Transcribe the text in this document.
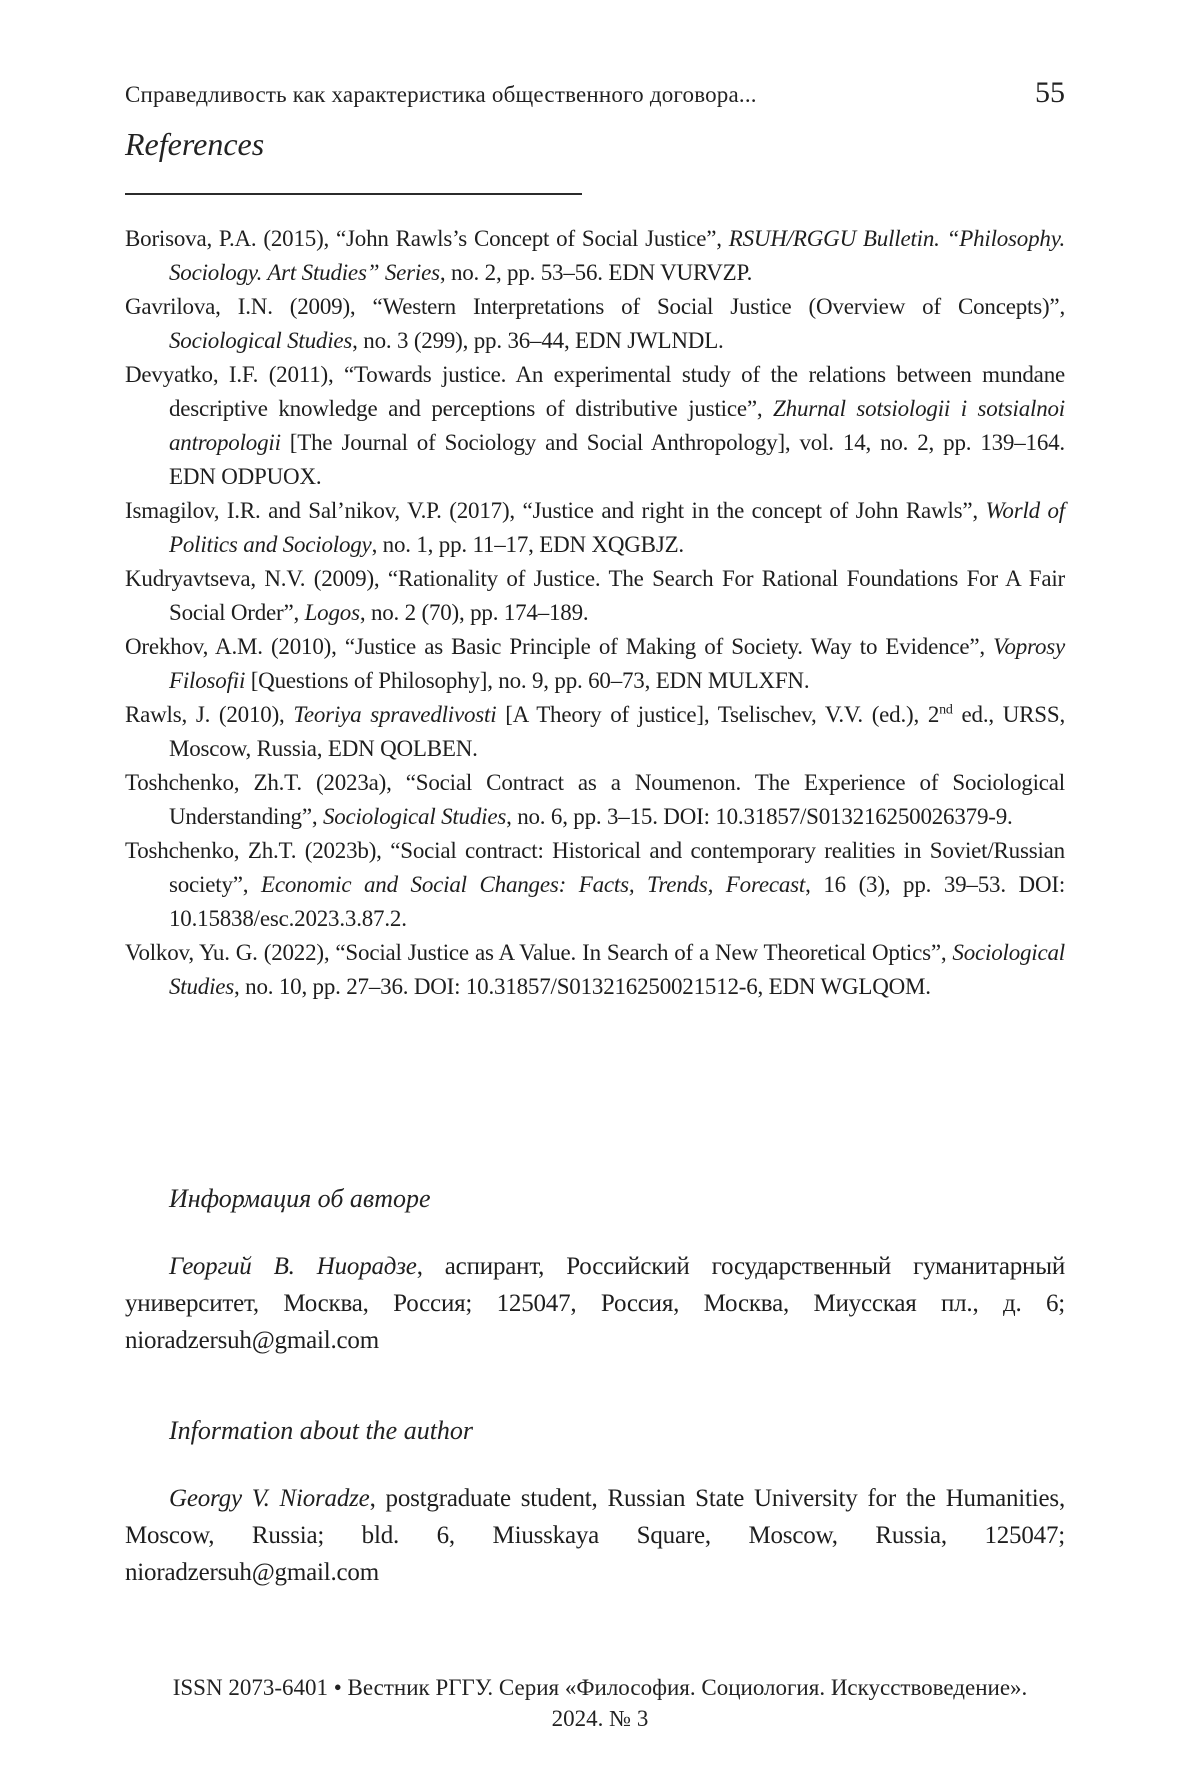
Справедливость как характеристика общественного договора...	55
References

Borisova, P.A. (2015), “John Rawls’s Concept of Social Justice”, RSUH/RGGU Bulletin. “Philosophy. Sociology. Art Studies” Series, no. 2, pp. 53–56. EDN VURVZP.

Gavrilova, I.N. (2009), “Western Interpretations of Social Justice (Overview of Concepts)”, Sociological Studies, no. 3 (299), pp. 36–44, EDN JWLNDL.

Devyatko, I.F. (2011), “Towards justice. An experimental study of the relations between mundane descriptive knowledge and perceptions of distributive justice”, Zhurnal sotsiologii i sotsialnoi antropologii [The Journal of Sociology and Social Anthropology], vol. 14, no. 2, pp. 139–164. EDN ODPUOX.

Ismagilov, I.R. and Sal’nikov, V.P. (2017), “Justice and right in the concept of John Rawls”, World of Politics and Sociology, no. 1, pp. 11–17, EDN XQGBJZ.

Kudryavtseva, N.V. (2009), “Rationality of Justice. The Search For Rational Foundations For A Fair Social Order”, Logos, no. 2 (70), pp. 174–189.

Orekhov, A.M. (2010), “Justice as Basic Principle of Making of Society. Way to Evidence”, Voprosy Filosofii [Questions of Philosophy], no. 9, pp. 60–73, EDN MULXFN.

Rawls, J. (2010), Teoriya spravedlivosti [A Theory of justice], Tselischev, V.V. (ed.), 2nd ed., URSS, Moscow, Russia, EDN QOLBEN.

Toshchenko, Zh.T. (2023a), “Social Contract as a Noumenon. The Experience of Sociological Understanding”, Sociological Studies, no. 6, pp. 3–15. DOI: 10.31857/S013216250026379-9.

Toshchenko, Zh.T. (2023b), “Social contract: Historical and contemporary realities in Soviet/Russian society”, Economic and Social Changes: Facts, Trends, Forecast, 16 (3), pp. 39–53. DOI: 10.15838/esc.2023.3.87.2.

Volkov, Yu. G. (2022), “Social Justice as A Value. In Search of a New Theoretical Optics”, Sociological Studies, no. 10, pp. 27–36. DOI: 10.31857/S013216250021512-6, EDN WGLQOM.

Информация об авторе

Георгий В. Ниорадзе, аспирант, Российский государственный гуманитарный университет, Москва, Россия; 125047, Россия, Москва, Миусская пл., д. 6; nioradzersuh@gmail.com

Information about the author

Georgy V. Nioradze, postgraduate student, Russian State University for the Humanities, Moscow, Russia; bld. 6, Miusskaya Square, Moscow, Russia, 125047; nioradzersuh@gmail.com

ISSN 2073-6401 • Вестник РГГУ. Серия «Философия. Социология. Искусствоведение».
2024. № 3
